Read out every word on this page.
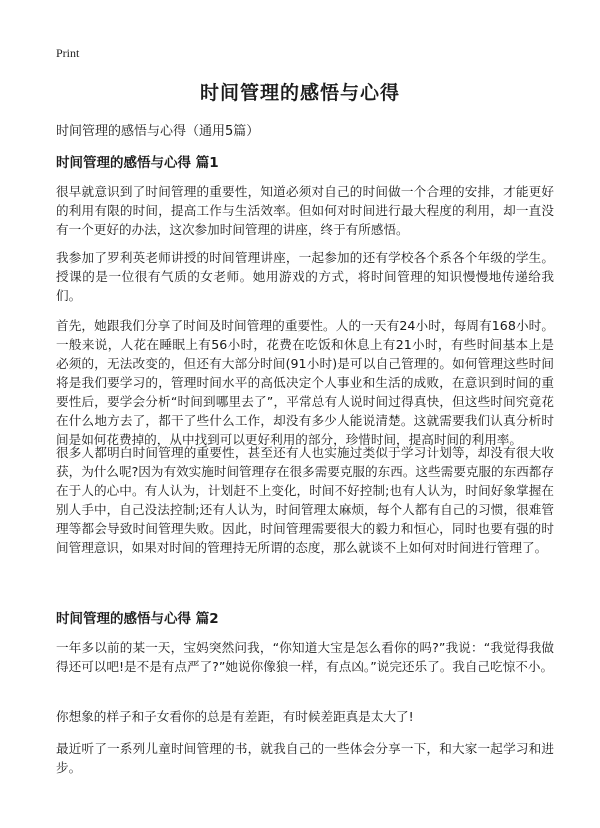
Print
时间管理的感悟与心得
时间管理的感悟与心得（通用5篇）
时间管理的感悟与心得 篇1
很早就意识到了时间管理的重要性，知道必须对自己的时间做一个合理的安排，才能更好的利用有限的时间，提高工作与生活效率。但如何对时间进行最大程度的利用，却一直没有一个更好的办法，这次参加时间管理的讲座，终于有所感悟。
我参加了罗利英老师讲授的时间管理讲座，一起参加的还有学校各个系各个年级的学生。授课的是一位很有气质的女老师。她用游戏的方式，将时间管理的知识慢慢地传递给我们。
首先，她跟我们分享了时间及时间管理的重要性。人的一天有24小时，每周有168小时。一般来说，人花在睡眠上有56小时，花费在吃饭和休息上有21小时，有些时间基本上是必须的，无法改变的，但还有大部分时间(91小时)是可以自己管理的。如何管理这些时间将是我们要学习的，管理时间水平的高低决定个人事业和生活的成败，在意识到时间的重要性后，要学会分析“时间到哪里去了”，平常总有人说时间过得真快，但这些时间究竟花在什么地方去了，都干了些什么工作，却没有多少人能说清楚。这就需要我们认真分析时间是如何花费掉的，从中找到可以更好利用的部分，珍惜时间，提高时间的利用率。
很多人都明白时间管理的重要性，甚至还有人也实施过类似于学习计划等，却没有很大收获，为什么呢?因为有效实施时间管理存在很多需要克服的东西。这些需要克服的东西都存在于人的心中。有人认为，计划赶不上变化，时间不好控制;也有人认为，时间好象掌握在别人手中，自己没法控制;还有人认为，时间管理太麻烦，每个人都有自己的习惯，很难管理等都会导致时间管理失败。因此，时间管理需要很大的毅力和恒心，同时也要有强的时间管理意识，如果对时间的管理持无所谓的态度，那么就谈不上如何对时间进行管理了。
时间管理的感悟与心得 篇2
一年多以前的某一天，宝妈突然问我，“你知道大宝是怎么看你的吗?”我说：“我觉得我做得还可以吧!是不是有点严了?”她说你像狼一样，有点凶。”说完还乐了。我自己吃惊不小。
你想象的样子和子女看你的总是有差距，有时候差距真是太大了!
最近听了一系列儿童时间管理的书，就我自己的一些体会分享一下，和大家一起学习和进步。
